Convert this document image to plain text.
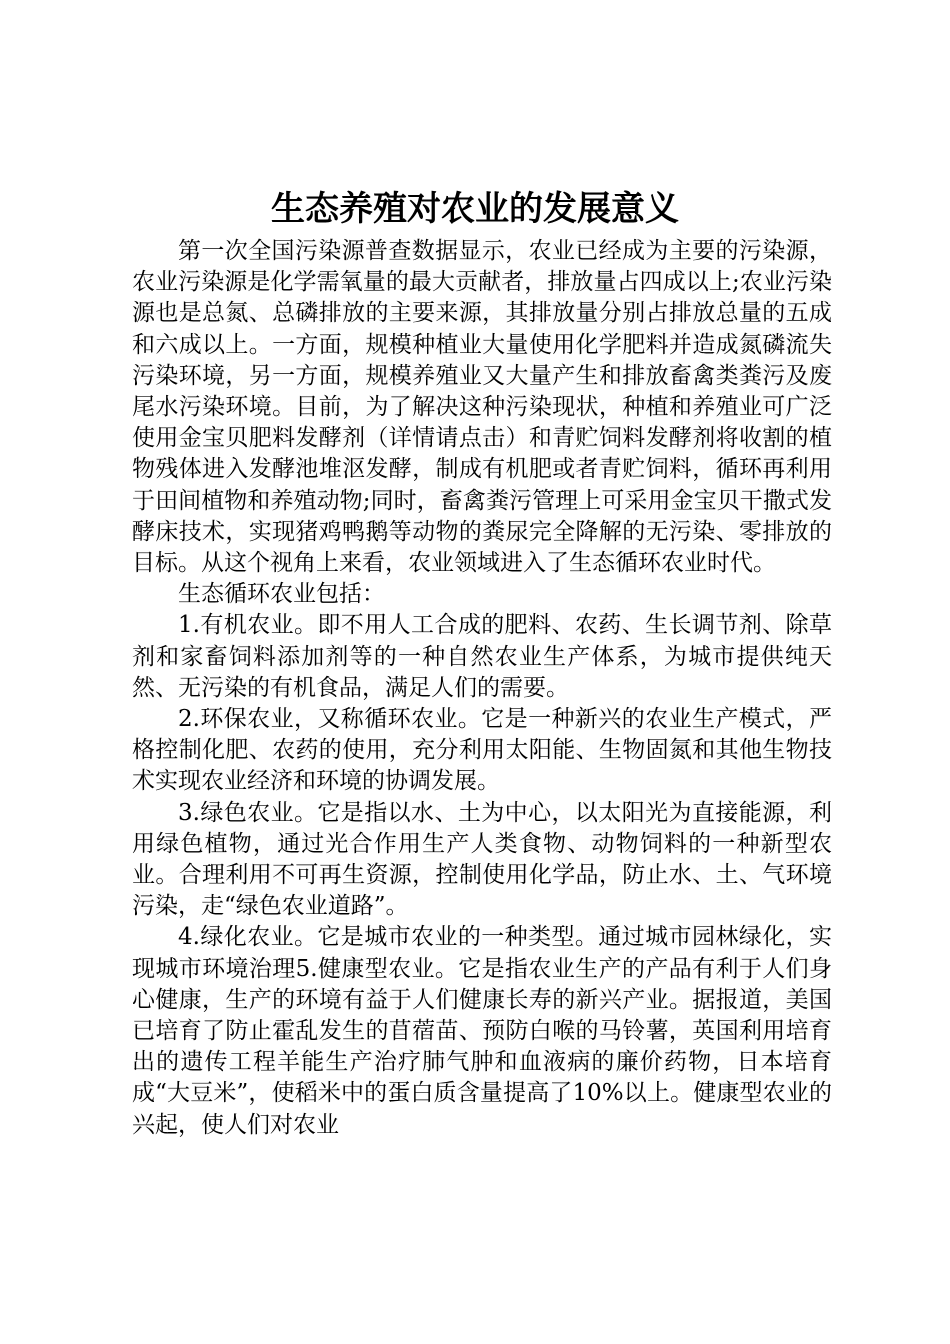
生态养殖对农业的发展意义

第一次全国污染源普查数据显示，农业已经成为主要的污染源，农业污染源是化学需氧量的最大贡献者，排放量占四成以上;农业污染源也是总氮、总磷排放的主要来源，其排放量分别占排放总量的五成和六成以上。一方面，规模种植业大量使用化学肥料并造成氮磷流失污染环境，另一方面，规模养殖业又大量产生和排放畜禽类粪污及废尾水污染环境。目前，为了解决这种污染现状，种植和养殖业可广泛使用金宝贝肥料发酵剂（详情请点击）和青贮饲料发酵剂将收割的植物残体进入发酵池堆沤发酵，制成有机肥或者青贮饲料，循环再利用于田间植物和养殖动物;同时，畜禽粪污管理上可采用金宝贝干撒式发酵床技术，实现猪鸡鸭鹅等动物的粪尿完全降解的无污染、零排放的目标。从这个视角上来看，农业领域进入了生态循环农业时代。

生态循环农业包括：

1.有机农业。即不用人工合成的肥料、农药、生长调节剂、除草剂和家畜饲料添加剂等的一种自然农业生产体系，为城市提供纯天然、无污染的有机食品，满足人们的需要。

2.环保农业，又称循环农业。它是一种新兴的农业生产模式，严格控制化肥、农药的使用，充分利用太阳能、生物固氮和其他生物技术实现农业经济和环境的协调发展。

3.绿色农业。它是指以水、土为中心，以太阳光为直接能源，利用绿色植物，通过光合作用生产人类食物、动物饲料的一种新型农业。合理利用不可再生资源，控制使用化学品，防止水、土、气环境污染，走“绿色农业道路”。

4.绿化农业。它是城市农业的一种类型。通过城市园林绿化，实现城市环境治理5.健康型农业。它是指农业生产的产品有利于人们身心健康，生产的环境有益于人们健康长寿的新兴产业。据报道，美国已培育了防止霍乱发生的苜蓿苗、预防白喉的马铃薯，英国利用培育出的遗传工程羊能生产治疗肺气肿和血液病的廉价药物，日本培育成“大豆米”，使稻米中的蛋白质含量提高了10%以上。健康型农业的兴起，使人们对农业
